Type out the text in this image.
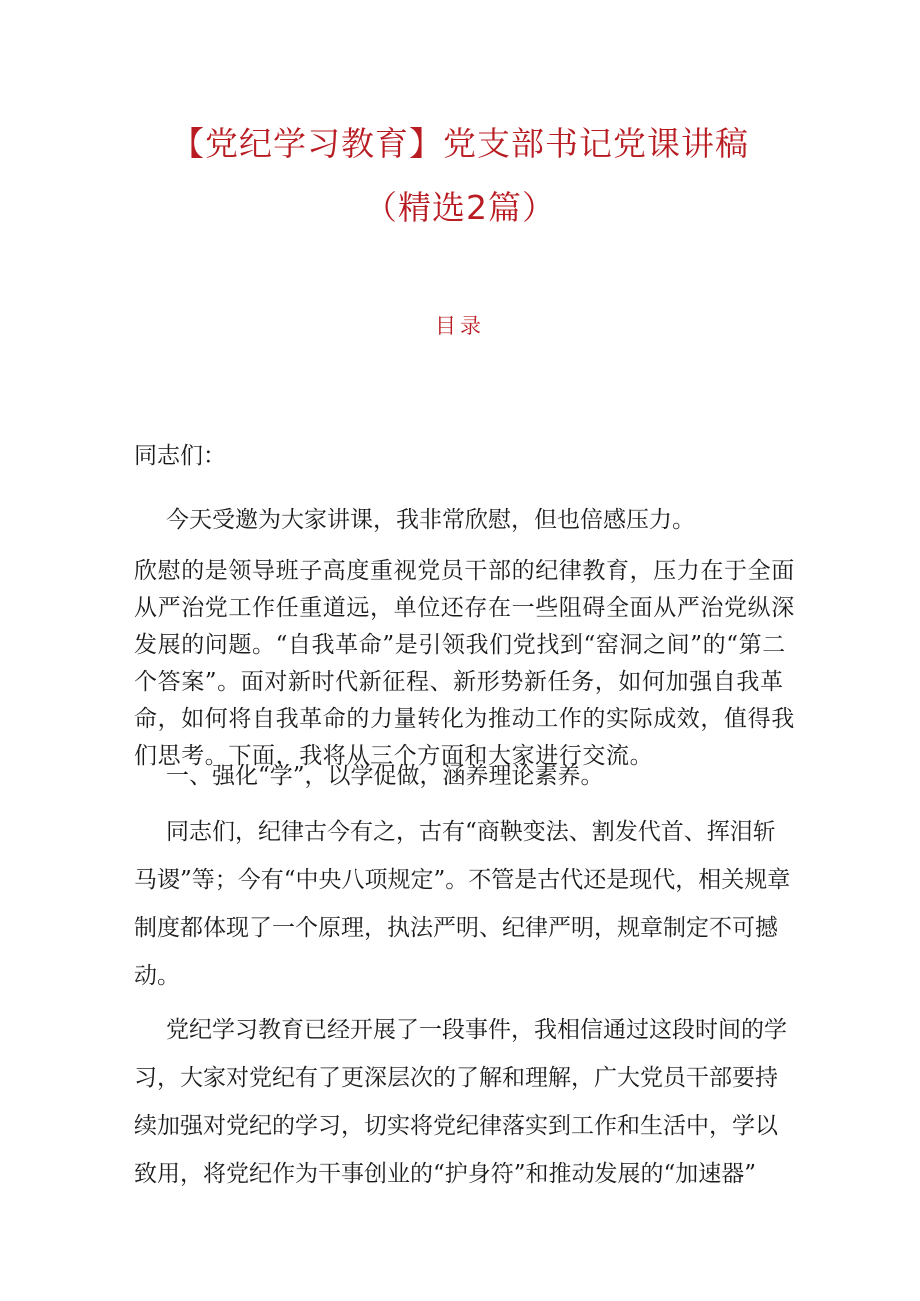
【党纪学习教育】党支部书记党课讲稿
（精选2篇）
目录

同志们：

今天受邀为大家讲课，我非常欣慰，但也倍感压力。

欣慰的是领导班子高度重视党员干部的纪律教育，压力在于全面从严治党工作任重道远，单位还存在一些阻碍全面从严治党纵深发展的问题。“自我革命”是引领我们党找到“窑洞之间”的“第二个答案”。面对新时代新征程、新形势新任务，如何加强自我革命，如何将自我革命的力量转化为推动工作的实际成效，值得我们思考。下面，我将从三个方面和大家进行交流。

一、强化“学”，以学促做，涵养理论素养。

同志们，纪律古今有之，古有“商鞅变法、割发代首、挥泪斩马谡”等；今有“中央八项规定”。不管是古代还是现代，相关规章制度都体现了一个原理，执法严明、纪律严明，规章制定不可撼动。

党纪学习教育已经开展了一段事件，我相信通过这段时间的学习，大家对党纪有了更深层次的了解和理解，广大党员干部要持续加强对党纪的学习，切实将党纪律落实到工作和生活中，学以致用，将党纪作为干事创业的“护身符”和推动发展的“加速器”
